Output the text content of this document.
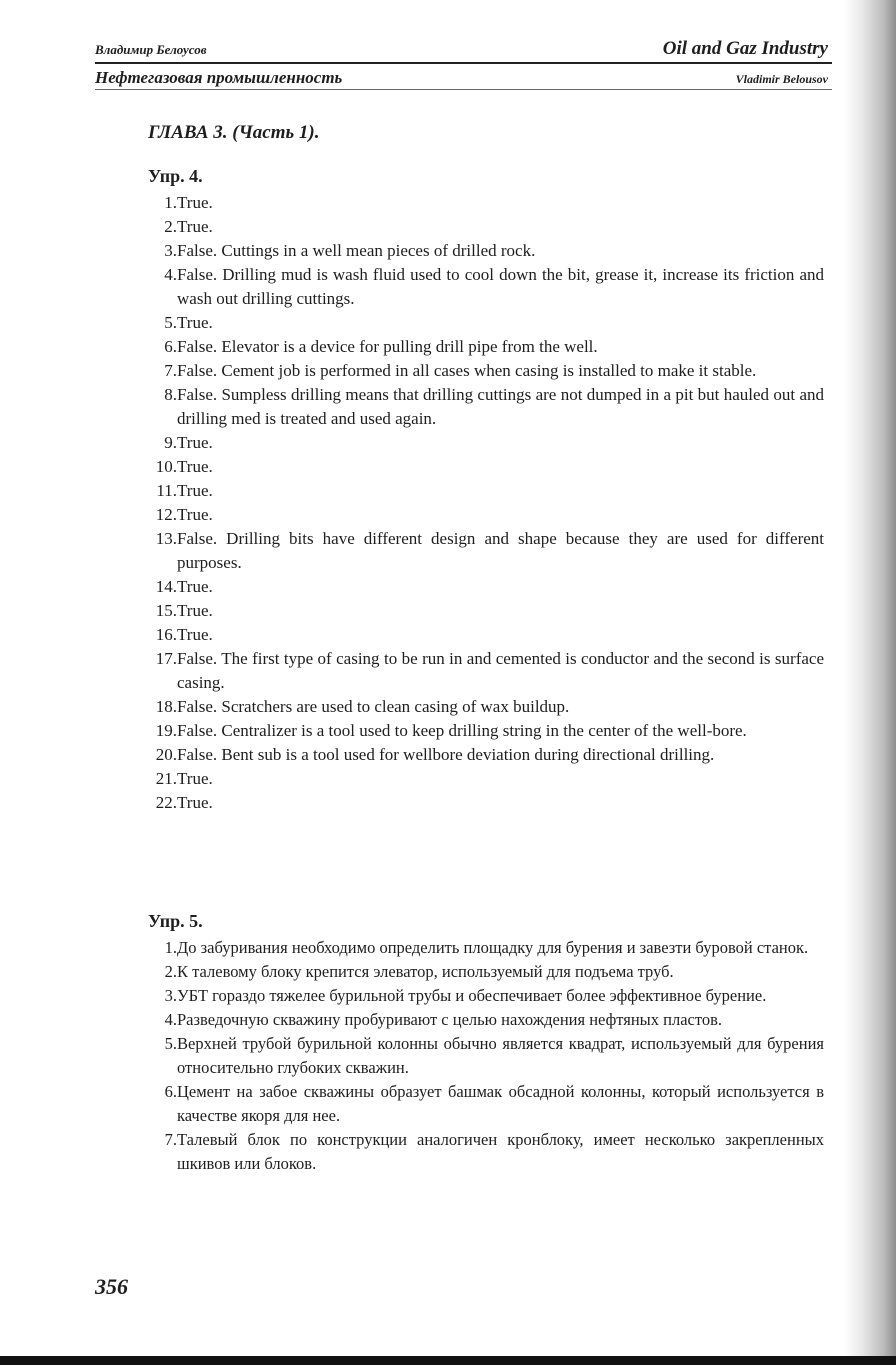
Владимир Белоусов	Oil and Gaz Industry
Нефтегазовая промышленность	Vladimir Belousov
ГЛАВА 3. (Часть 1).
Упр. 4.
1. True.
2. True.
3. False. Cuttings in a well mean pieces of drilled rock.
4. False. Drilling mud is wash fluid used to cool down the bit, grease it, increase its friction and wash out drilling cuttings.
5. True.
6. False. Elevator is a device for pulling drill pipe from the well.
7. False. Cement job is performed in all cases when casing is installed to make it stable.
8. False. Sumpless drilling means that drilling cuttings are not dumped in a pit but hauled out and drilling med is treated and used again.
9. True.
10. True.
11. True.
12. True.
13. False. Drilling bits have different design and shape because they are used for different purposes.
14. True.
15. True.
16. True.
17. False. The first type of casing to be run in and cemented is conductor and the second is surface casing.
18. False. Scratchers are used to clean casing of wax buildup.
19. False. Centralizer is a tool used to keep drilling string in the center of the well-bore.
20. False. Bent sub is a tool used for wellbore deviation during directional drilling.
21. True.
22. True.
Упр. 5.
1. До забуривания необходимо определить площадку для бурения и завезти буровой станок.
2. К талевому блоку крепится элеватор, используемый для подъема труб.
3. УБТ гораздо тяжелее бурильной трубы и обеспечивает более эффективное бурение.
4. Разведочную скважину пробуривают с целью нахождения нефтяных пластов.
5. Верхней трубой бурильной колонны обычно является квадрат, используемый для бурения относительно глубоких скважин.
6. Цемент на забое скважины образует башмак обсадной колонны, который используется в качестве якоря для нее.
7. Талевый блок по конструкции аналогичен кронблоку, имеет несколько закрепленных шкивов или блоков.
356
